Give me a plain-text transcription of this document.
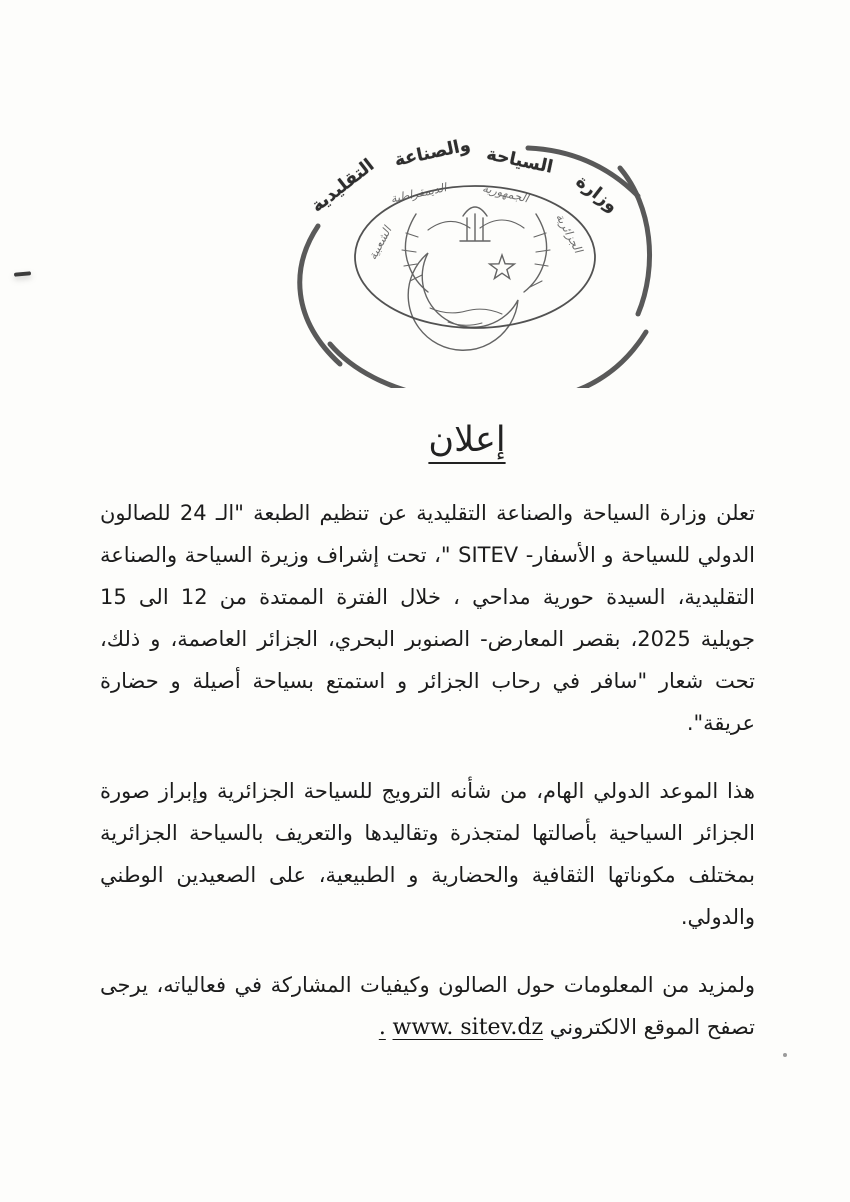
وزارة
السياحة
والصناعة
التقليدية	الجمهورية
الجزائرية
الديمقراطية
الشعبية
إعلان

تعلن وزارة السياحة والصناعة التقليدية عن تنظيم الطبعة "الـ 24 للصالون الدولي للسياحة و الأسفار- SITEV "، تحت إشراف وزيرة السياحة والصناعة التقليدية، السيدة حورية مداحي ، خلال الفترة الممتدة من 12 الى 15 جويلية 2025، بقصر المعارض- الصنوبر البحري، الجزائر العاصمة، و ذلك، تحت شعار "سافر في رحاب الجزائر و استمتع بسياحة أصيلة و حضارة عريقة".

هذا الموعد الدولي الهام، من شأنه الترويج للسياحة الجزائرية وإبراز صورة الجزائر السياحية بأصالتها لمتجذرة وتقاليدها والتعريف بالسياحة الجزائرية بمختلف مكوناتها الثقافية والحضارية و الطبيعية، على الصعيدين الوطني والدولي.

ولمزيد من المعلومات حول الصالون وكيفيات المشاركة في فعالياته، يرجى تصفح الموقع الالكتروني www. sitev.dz .
